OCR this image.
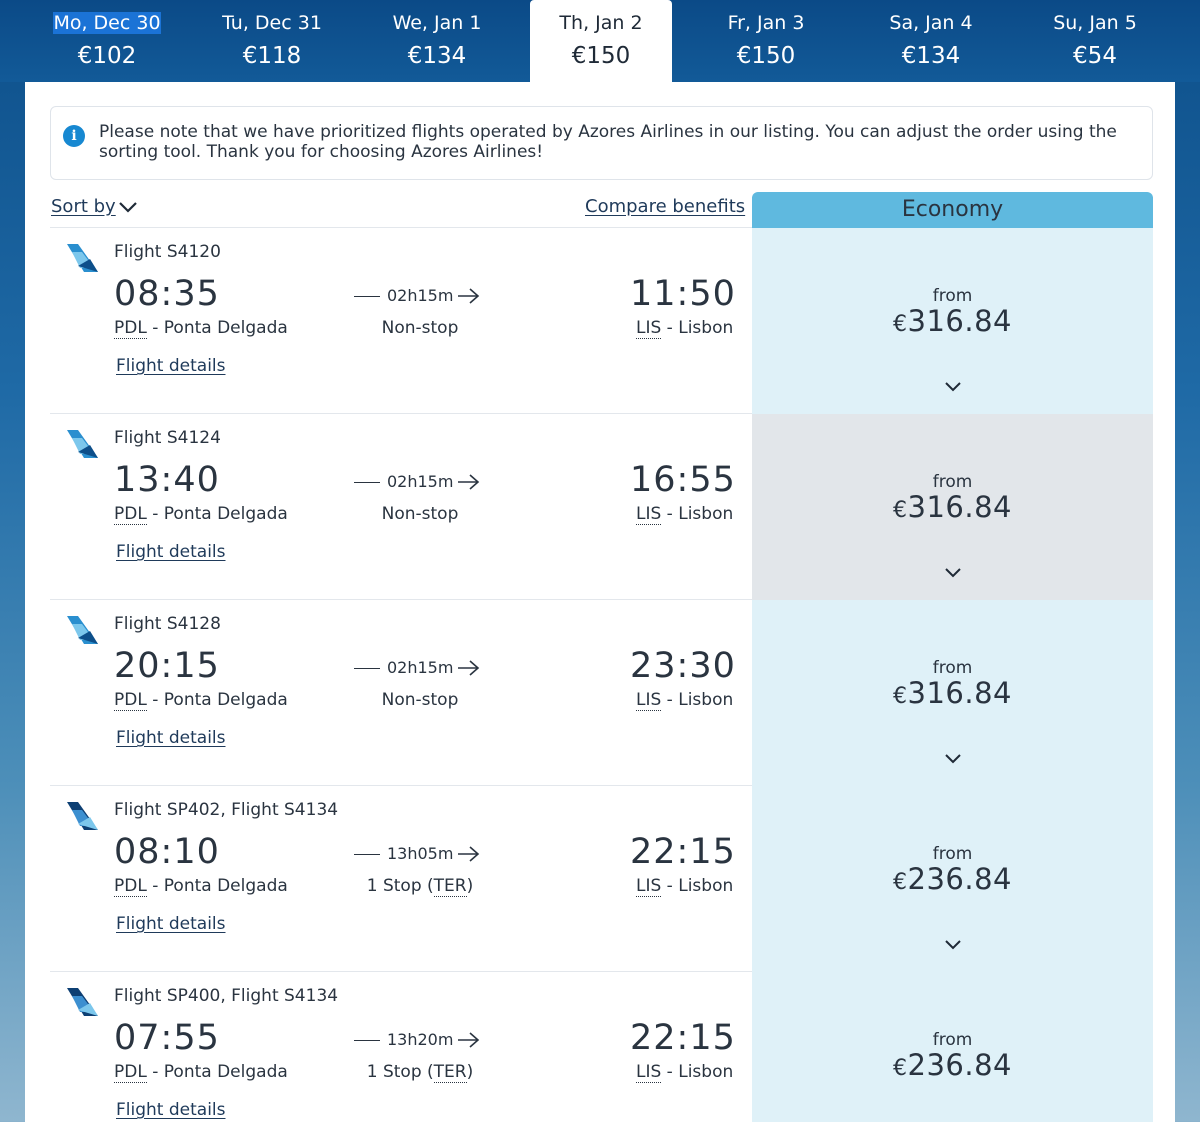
Mo, Dec 30
€102
Tu, Dec 31
€118
We, Jan 1
€134
Th, Jan 2
€150
Fr, Jan 3
€150
Sa, Jan 4
€134
Su, Jan 5
€54
i	Please note that we have prioritized flights operated by Azores Airlines in our listing. You can adjust the order using the sorting tool. Thank you for choosing Azores Airlines!
Sort by	Compare benefits	Economy
Flight S4120
08:35
PDL - Ponta Delgada
Flight details
02h15m
Non-stop
11:50
LIS - Lisbon
from
€316.84
Flight S4124
13:40
PDL - Ponta Delgada
Flight details
02h15m
Non-stop
16:55
LIS - Lisbon
from
€316.84
Flight S4128
20:15
PDL - Ponta Delgada
Flight details
02h15m
Non-stop
23:30
LIS - Lisbon
from
€316.84
Flight SP402, Flight S4134
08:10
PDL - Ponta Delgada
Flight details
13h05m
1 Stop (TER)
22:15
LIS - Lisbon
from
€236.84
Flight SP400, Flight S4134
07:55
PDL - Ponta Delgada
Flight details
13h20m
1 Stop (TER)
22:15
LIS - Lisbon
from
€236.84
